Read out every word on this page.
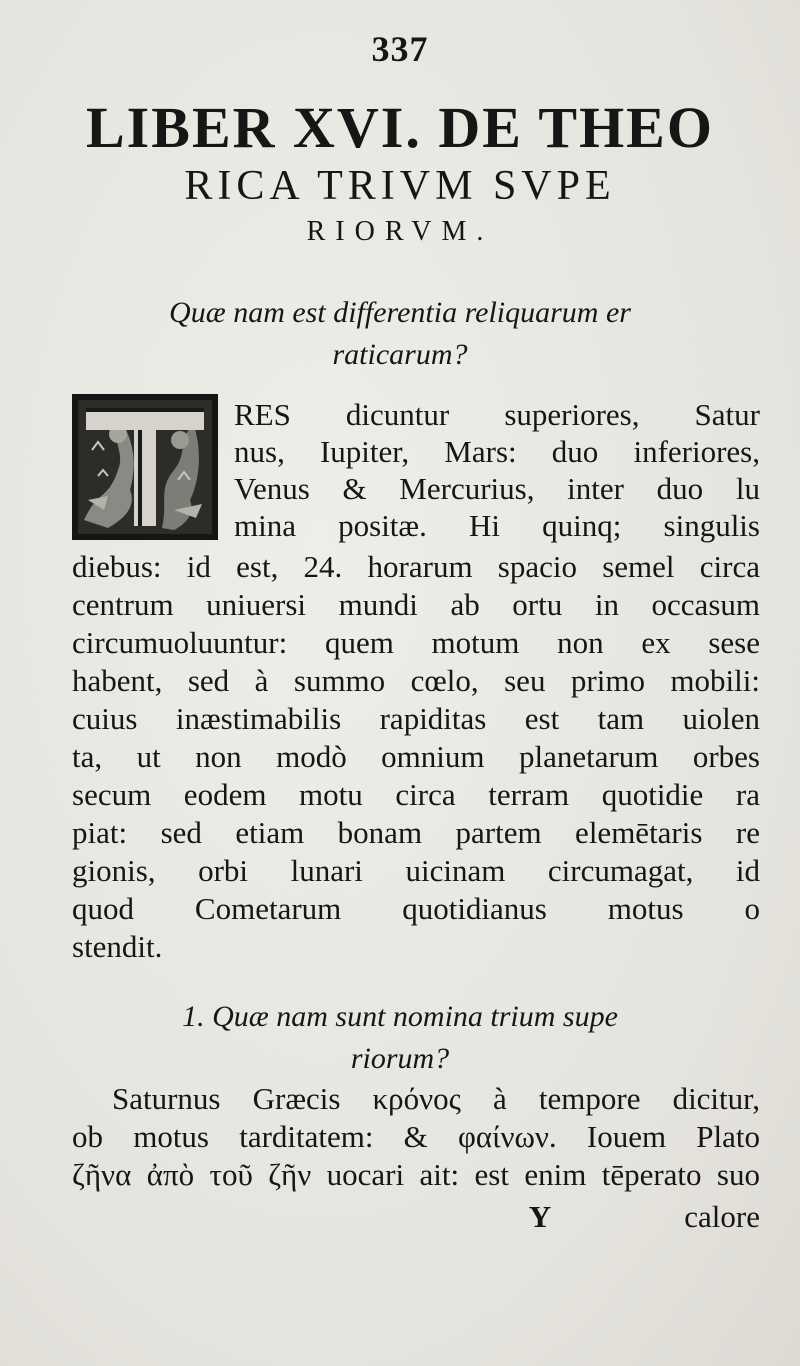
337
LIBER XVI. DE THEO
RICA TRIVM SVPE
RIORVM.
Quæ nam est differentia reliquarum er
raticarum?
RES dicuntur superiores, Satur
nus, Iupiter, Mars: duo inferiores,
Venus & Mercurius, inter duo lu
mina positæ. Hi quinq; singulis
diebus: id est, 24. horarum spacio semel circa
centrum uniuersi mundi ab ortu in occasum
circumuoluuntur: quem motum non ex sese
habent, sed à summo cœlo, seu primo mobili:
cuius inæstimabilis rapiditas est tam uiolen
ta, ut non modò omnium planetarum orbes
secum eodem motu circa terram quotidie ra
piat: sed etiam bonam partem elemētaris re
gionis, orbi lunari uicinam circumagat, id
quod Cometarum quotidianus motus o
stendit.
1. Quæ nam sunt nomina trium supe
riorum?
Saturnus Græcis κρόνος à tempore dicitur,
ob motus tarditatem: & φαίνων. Iouem Plato
ζῆνα ἀπὸ τοῦ ζῆν uocari ait: est enim tēperato suo
Y	calore
